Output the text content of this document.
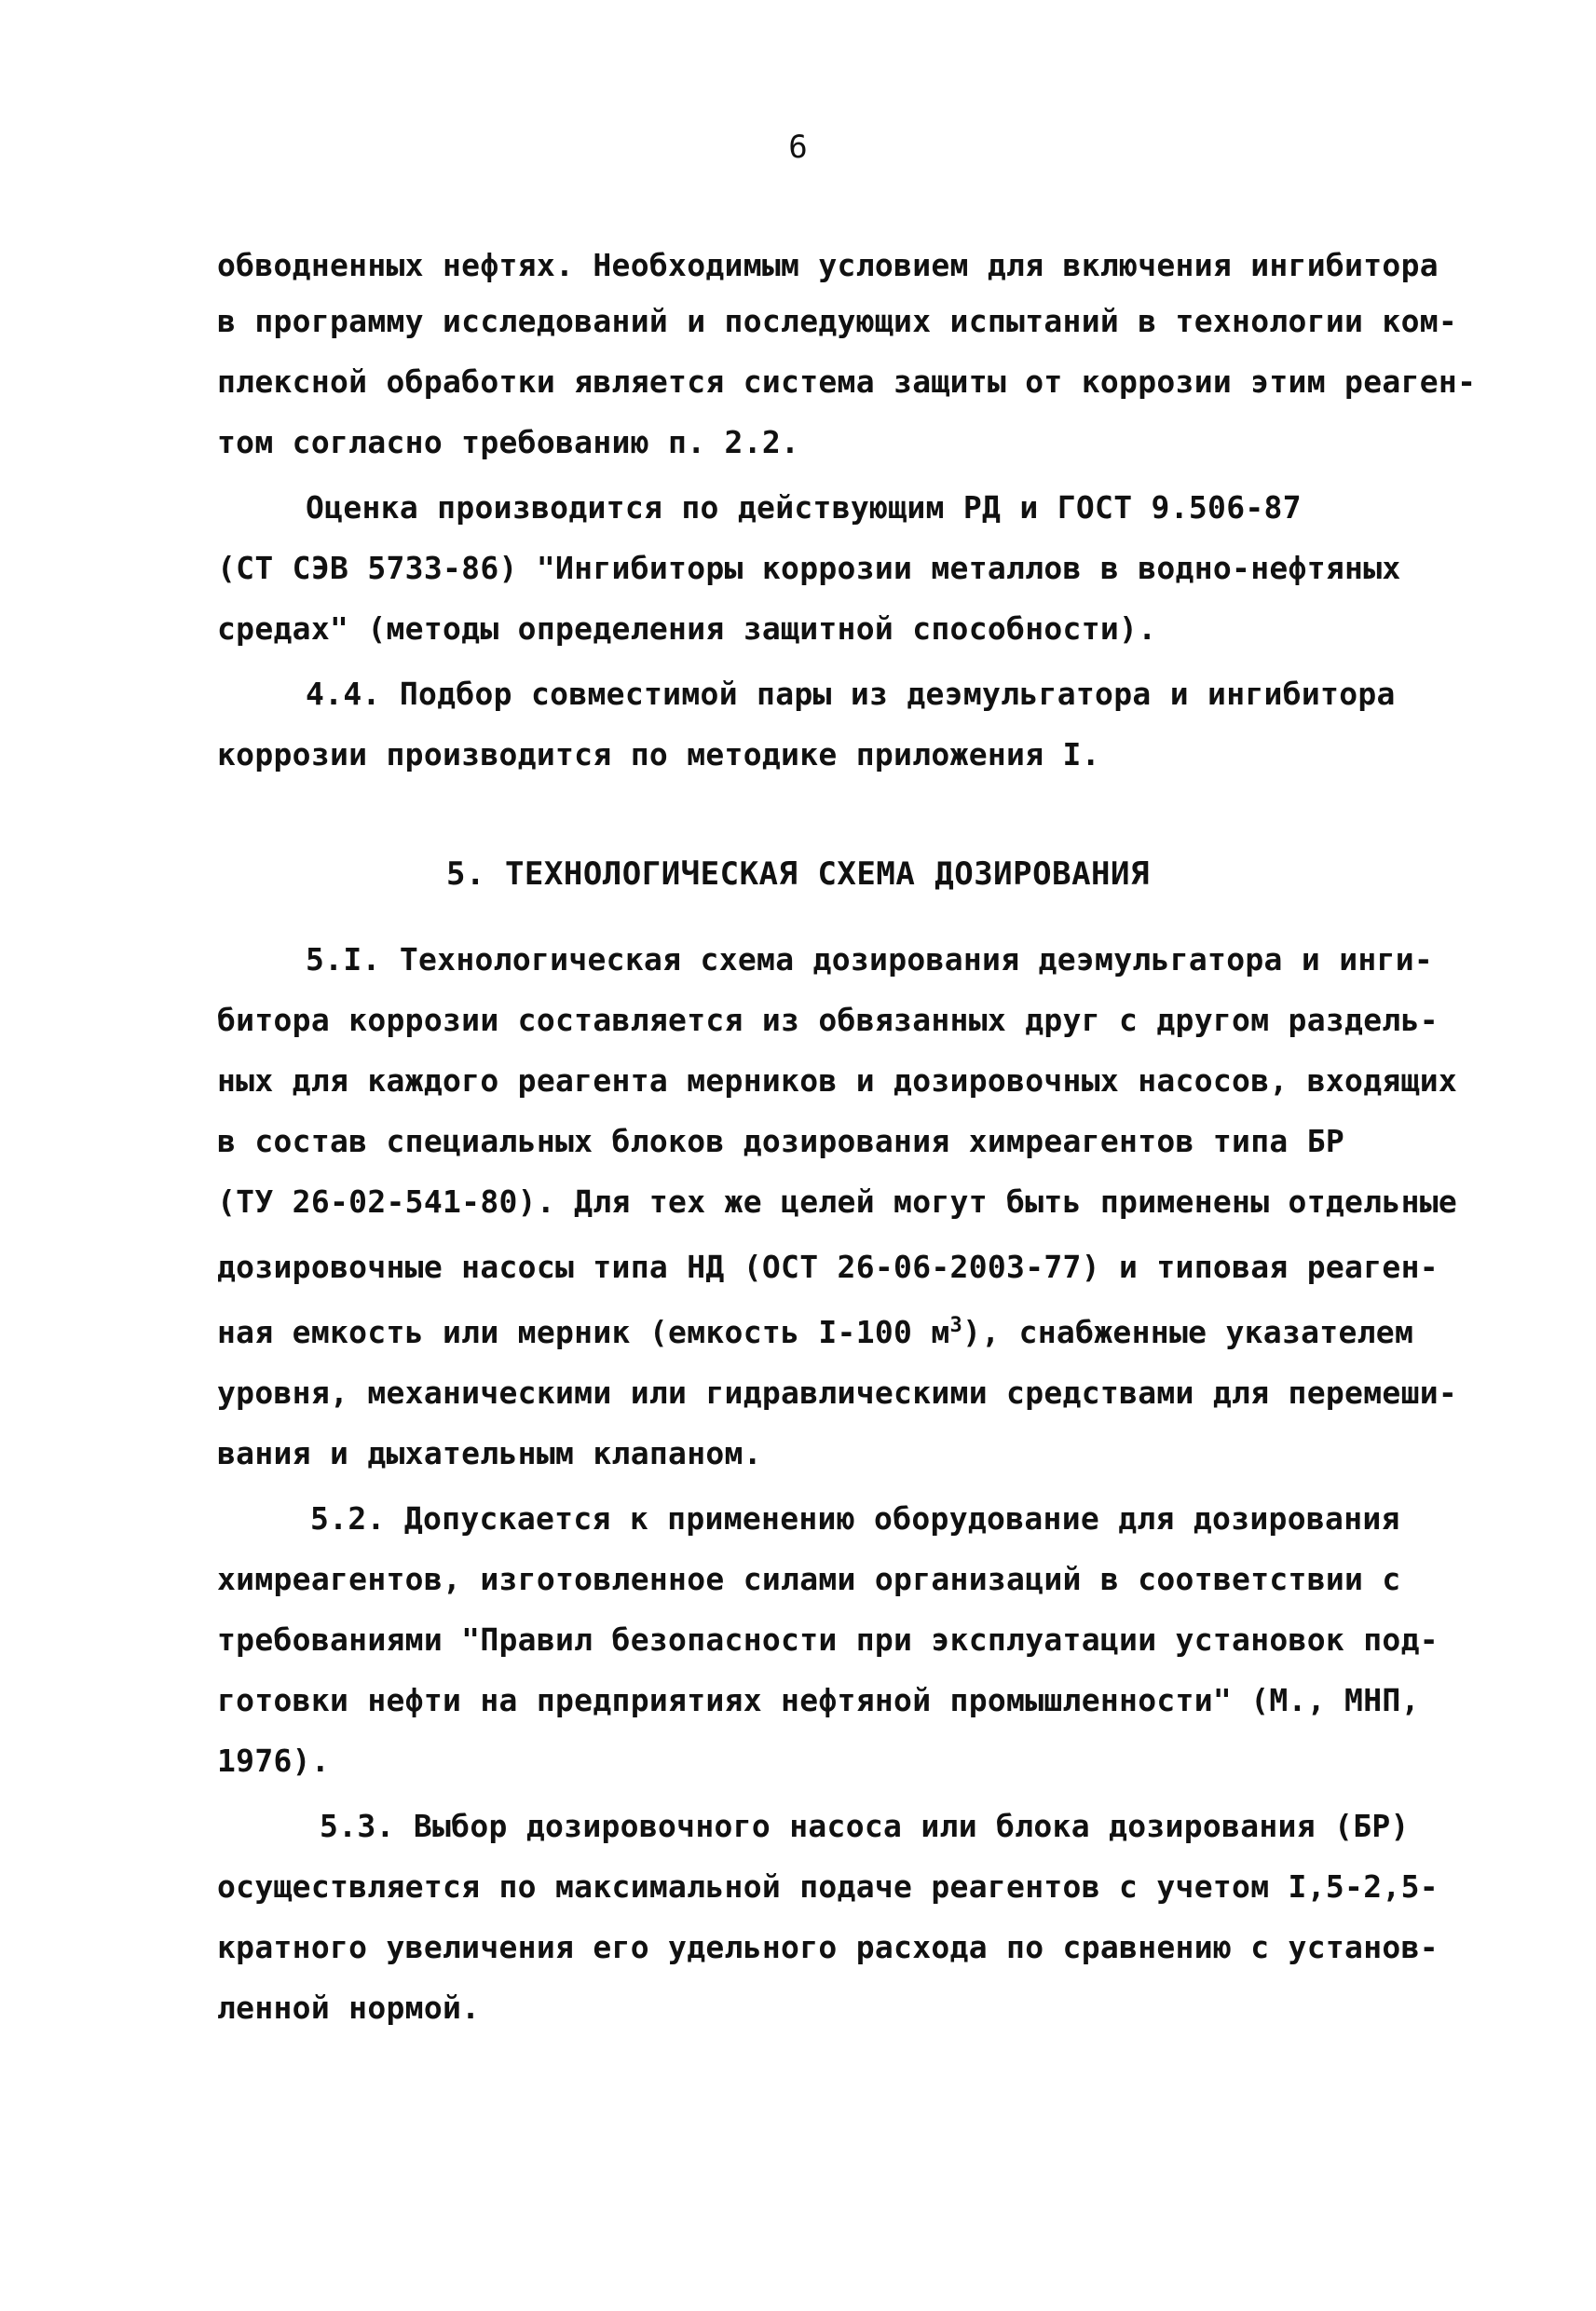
6
обводненных нефтях. Необходимым условием для включения ингибитора
в программу исследований и последующих испытаний в технологии ком-
плексной обработки является система защиты от коррозии этим реаген-
том согласно требованию п. 2.2.
Оценка производится по действующим РД и ГОСТ 9.506-87
(СТ СЭВ 5733-86) "Ингибиторы коррозии металлов в водно-нефтяных
средах" (методы определения защитной способности).
4.4. Подбор совместимой пары из деэмульгатора и ингибитора
коррозии производится по методике приложения I.
5. ТЕХНОЛОГИЧЕСКАЯ СХЕМА ДОЗИРОВАНИЯ
5.I. Технологическая схема дозирования деэмульгатора и инги-
битора коррозии составляется из обвязанных друг с другом раздель-
ных для каждого реагента мерников и дозировочных насосов, входящих
в состав специальных блоков дозирования химреагентов типа БР
(ТУ 26-02-541-80). Для тех же целей могут быть применены отдельные
дозировочные насосы типа НД (ОСТ 26-06-2003-77) и типовая реаген-
ная емкость или мерник (емкость I-100 $м^3$), снабженные указателем
уровня, механическими или гидравлическими средствами для перемеши-
вания и дыхательным клапаном.
5.2. Допускается к применению оборудование для дозирования
химреагентов, изготовленное силами организаций в соответствии с
требованиями "Правил безопасности при эксплуатации установок под-
готовки нефти на предприятиях нефтяной промышленности" (М., МНП,
1976).
5.3. Выбор дозировочного насоса или блока дозирования (БР)
осуществляется по максимальной подаче реагентов с учетом I,5-2,5-
кратного увеличения его удельного расхода по сравнению с установ-
ленной нормой.
